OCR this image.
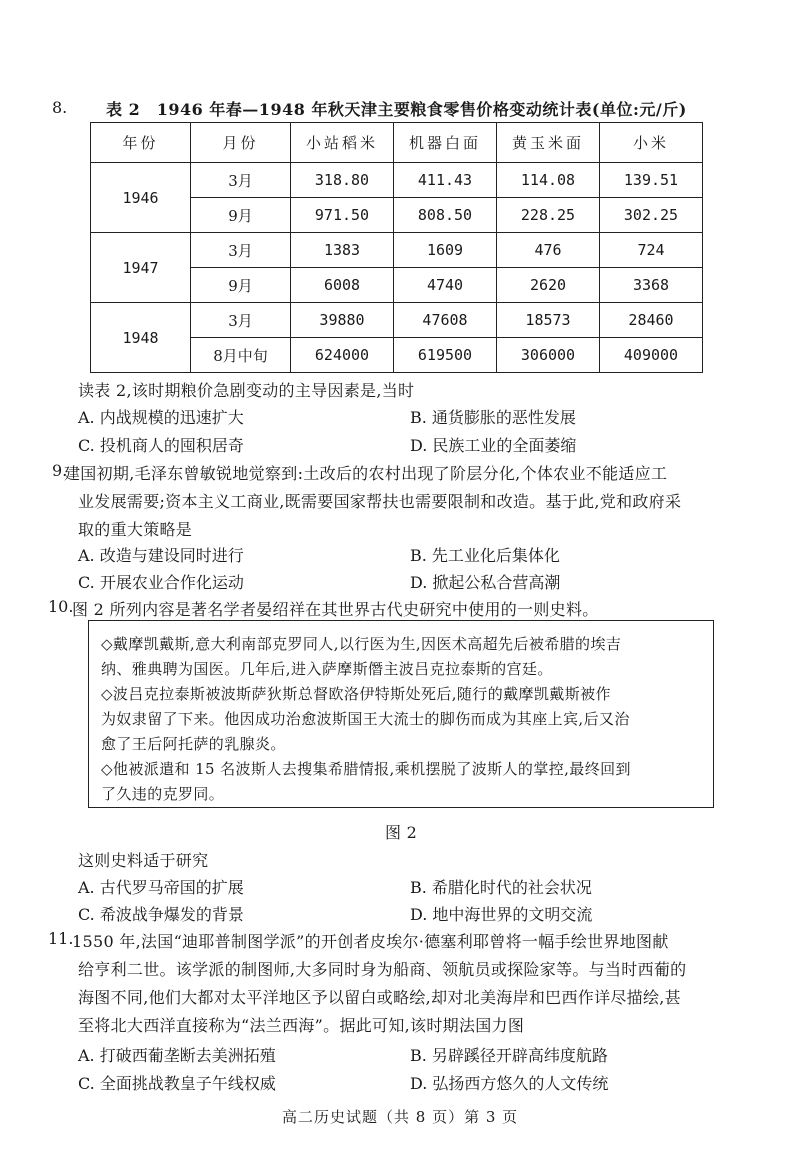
8. 表 2　1946 年春—1948 年秋天津主要粮食零售价格变动统计表(单位:元/斤)
年份	月份	小站稻米	机器白面	黄玉米面	小米
1946	3月	318.80	411.43	114.08	139.51
	9月	971.50	808.50	228.25	302.25
1947	3月	1383	1609	476	724
	9月	6008	4740	2620	3368
1948	3月	39880	47608	18573	28460
	8月中旬	624000	619500	306000	409000
读表 2,该时期粮价急剧变动的主导因素是,当时
A. 内战规模的迅速扩大	B. 通货膨胀的恶性发展
C. 投机商人的囤积居奇	D. 民族工业的全面萎缩
9.
建国初期,毛泽东曾敏锐地觉察到:土改后的农村出现了阶层分化,个体农业不能适应工
业发展需要;资本主义工商业,既需要国家帮扶也需要限制和改造。基于此,党和政府采
取的重大策略是
A. 改造与建设同时进行	B. 先工业化后集体化
C. 开展农业合作化运动	D. 掀起公私合营高潮
10.
图 2 所列内容是著名学者晏绍祥在其世界古代史研究中使用的一则史料。
◇戴摩凯戴斯,意大利南部克罗同人,以行医为生,因医术高超先后被希腊的埃吉
纳、雅典聘为国医。几年后,进入萨摩斯僭主波吕克拉泰斯的宫廷。
◇波吕克拉泰斯被波斯萨狄斯总督欧洛伊特斯处死后,随行的戴摩凯戴斯被作
为奴隶留了下来。他因成功治愈波斯国王大流士的脚伤而成为其座上宾,后又治
愈了王后阿托萨的乳腺炎。
◇他被派遣和 15 名波斯人去搜集希腊情报,乘机摆脱了波斯人的掌控,最终回到
了久违的克罗同。
图 2
这则史料适于研究
A. 古代罗马帝国的扩展	B. 希腊化时代的社会状况
C. 希波战争爆发的背景	D. 地中海世界的文明交流
11.
1550 年,法国“迪耶普制图学派”的开创者皮埃尔·德塞利耶曾将一幅手绘世界地图献
给亨利二世。该学派的制图师,大多同时身为船商、领航员或探险家等。与当时西葡的
海图不同,他们大都对太平洋地区予以留白或略绘,却对北美海岸和巴西作详尽描绘,甚
至将北大西洋直接称为“法兰西海”。据此可知,该时期法国力图
A. 打破西葡垄断去美洲拓殖	B. 另辟蹊径开辟高纬度航路
C. 全面挑战教皇子午线权威	D. 弘扬西方悠久的人文传统
高二历史试题（共 8 页）第 3 页
